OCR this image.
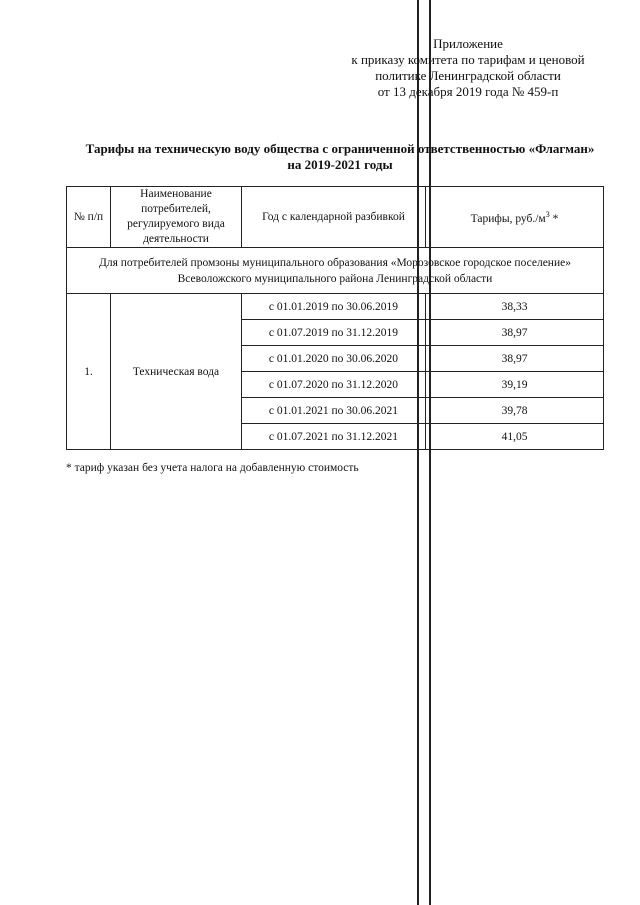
Приложение
к приказу комитета по тарифам и ценовой
политике Ленинградской области
от 13 декабря 2019 года № 459-п
Тарифы на техническую воду общества с ограниченной ответственностью «Флагман»
на 2019-2021 годы
№ п/п	Наименование потребителей, регулируемого вида деятельности	Год с календарной разбивкой	Тарифы, $руб./м^3$ *

Для потребителей промзоны муниципального образования «Морозовское городское поселение»
Всеволожского муниципального района Ленинградской области			

1.	Техническая вода	с 01.01.2019 по 30.06.2019	38,33
		с 01.07.2019 по 31.12.2019	38,97
		с 01.01.2020 по 30.06.2020	38,97
		с 01.07.2020 по 31.12.2020	39,19
		с 01.01.2021 по 30.06.2021	39,78
		с 01.07.2021 по 31.12.2021	41,05
* тариф указан без учета налога на добавленную стоимость
